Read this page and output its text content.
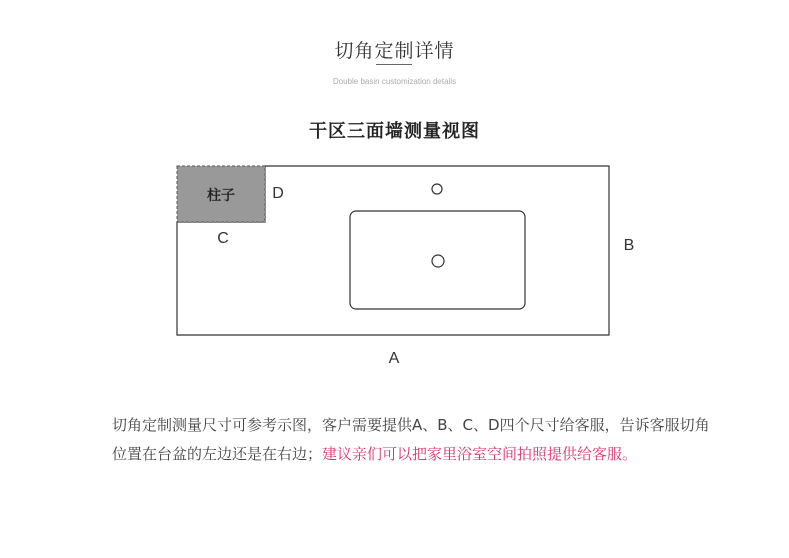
切角定制详情
Double basin customization details
干区三面墙测量视图
柱子 D
C	B
A
切角定制测量尺寸可参考示图，客户需要提供A、B、C、D四个尺寸给客服，告诉客服切角位置在台盆的左边还是在右边；建议亲们可以把家里浴室空间拍照提供给客服。
